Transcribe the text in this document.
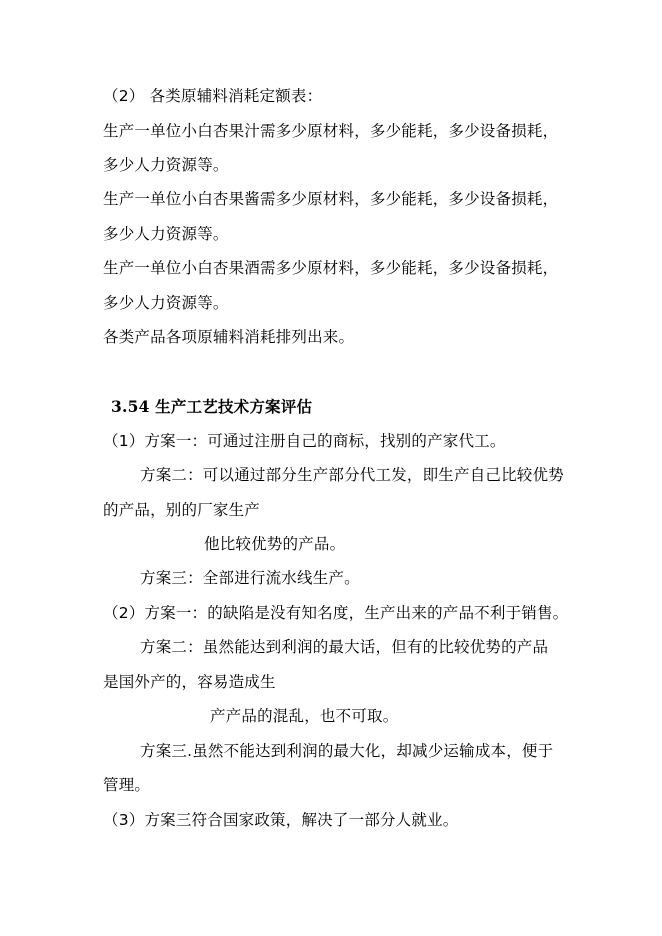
（2） 各类原辅料消耗定额表：
生产一单位小白杏果汁需多少原材料，多少能耗，多少设备损耗，
多少人力资源等。
生产一单位小白杏果酱需多少原材料，多少能耗，多少设备损耗，
多少人力资源等。
生产一单位小白杏果酒需多少原材料，多少能耗，多少设备损耗，
多少人力资源等。
各类产品各项原辅料消耗排列出来。
3.54 生产工艺技术方案评估
（1）方案一：可通过注册自己的商标，找别的产家代工。
方案二：可以通过部分生产部分代工发，即生产自己比较优势
的产品，别的厂家生产
他比较优势的产品。
方案三：全部进行流水线生产。
（2）方案一：的缺陷是没有知名度，生产出来的产品不利于销售。
方案二：虽然能达到利润的最大话，但有的比较优势的产品
是国外产的，容易造成生
产产品的混乱，也不可取。
方案三.虽然不能达到利润的最大化，却减少运输成本，便于
管理。
（3）方案三符合国家政策，解决了一部分人就业。
